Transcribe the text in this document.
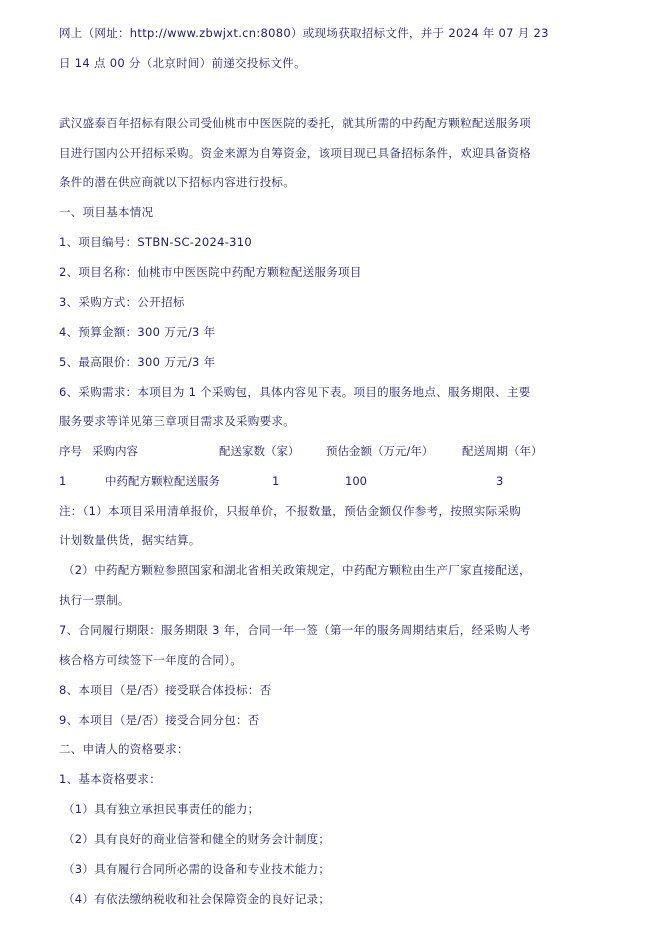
网上（网址：http://www.zbwjxt.cn:8080）或现场获取招标文件，并于 2024 年 07 月 23
日 14 点 00 分（北京时间）前递交投标文件。
武汉盛泰百年招标有限公司受仙桃市中医医院的委托，就其所需的中药配方颗粒配送服务项
目进行国内公开招标采购。资金来源为自筹资金，该项目现已具备招标条件，欢迎具备资格
条件的潜在供应商就以下招标内容进行投标。
一、项目基本情况
1、项目编号：STBN-SC-2024-310
2、项目名称：仙桃市中医医院中药配方颗粒配送服务项目
3、采购方式：公开招标
4、预算金额：300 万元/3 年
5、最高限价：300 万元/3 年
6、采购需求：本项目为 1 个采购包，具体内容见下表。项目的服务地点、服务期限、主要
服务要求等详见第三章项目需求及采购要求。
序号 采购内容	配送家数（家） 预估金额（万元/年） 配送周期（年）
1	中药配方颗粒配送服务	1	100	3
注：（1）本项目采用清单报价，只报单价，不报数量，预估金额仅作参考，按照实际采购
计划数量供货，据实结算。
（2）中药配方颗粒参照国家和湖北省相关政策规定，中药配方颗粒由生产厂家直接配送，
执行一票制。
7、合同履行期限：服务期限 3 年，合同一年一签（第一年的服务周期结束后，经采购人考
核合格方可续签下一年度的合同）。
8、本项目（是/否）接受联合体投标：否
9、本项目（是/否）接受合同分包：否
二、申请人的资格要求：
1、基本资格要求：
（1）具有独立承担民事责任的能力；
（2）具有良好的商业信誉和健全的财务会计制度；
（3）具有履行合同所必需的设备和专业技术能力；
（4）有依法缴纳税收和社会保障资金的良好记录；
